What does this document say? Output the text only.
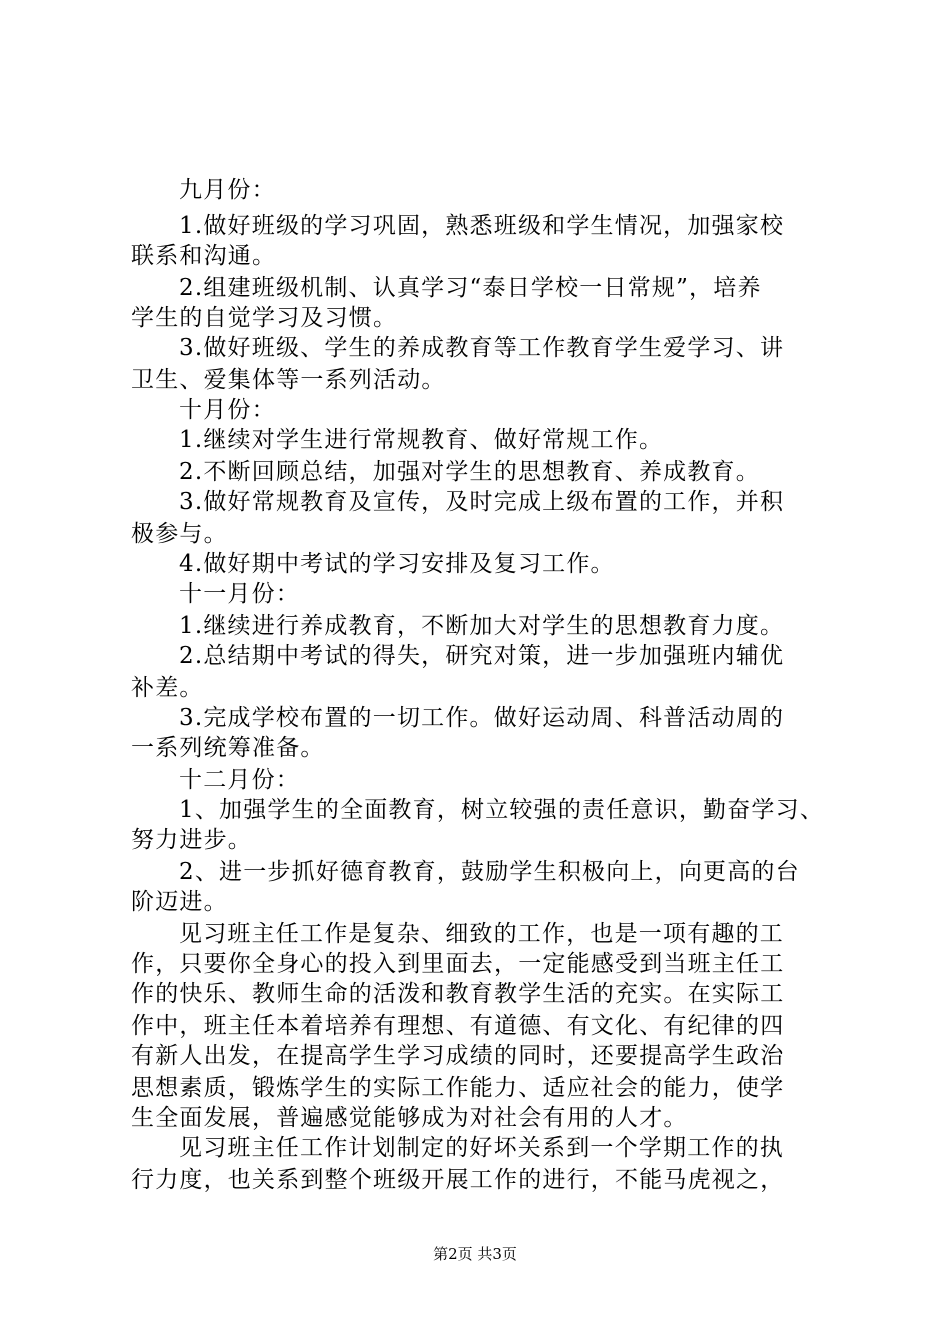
九月份：
1.做好班级的学习巩固，熟悉班级和学生情况，加强家校
联系和沟通。
2.组建班级机制、认真学习“泰日学校一日常规”，培养
学生的自觉学习及习惯。
3.做好班级、学生的养成教育等工作教育学生爱学习、讲
卫生、爱集体等一系列活动。
十月份：
1.继续对学生进行常规教育、做好常规工作。
2.不断回顾总结，加强对学生的思想教育、养成教育。
3.做好常规教育及宣传，及时完成上级布置的工作，并积
极参与。
4.做好期中考试的学习安排及复习工作。
十一月份：
1.继续进行养成教育，不断加大对学生的思想教育力度。
2.总结期中考试的得失，研究对策，进一步加强班内辅优
补差。
3.完成学校布置的一切工作。做好运动周、科普活动周的
一系列统筹准备。
十二月份：
1、加强学生的全面教育，树立较强的责任意识，勤奋学习、
努力进步。
2、进一步抓好德育教育，鼓励学生积极向上，向更高的台
阶迈进。
见习班主任工作是复杂、细致的工作，也是一项有趣的工
作，只要你全身心的投入到里面去，一定能感受到当班主任工
作的快乐、教师生命的活泼和教育教学生活的充实。在实际工
作中，班主任本着培养有理想、有道德、有文化、有纪律的四
有新人出发，在提高学生学习成绩的同时，还要提高学生政治
思想素质，锻炼学生的实际工作能力、适应社会的能力，使学
生全面发展，普遍感觉能够成为对社会有用的人才。
见习班主任工作计划制定的好坏关系到一个学期工作的执
行力度，也关系到整个班级开展工作的进行，不能马虎视之，
第2页 共3页
